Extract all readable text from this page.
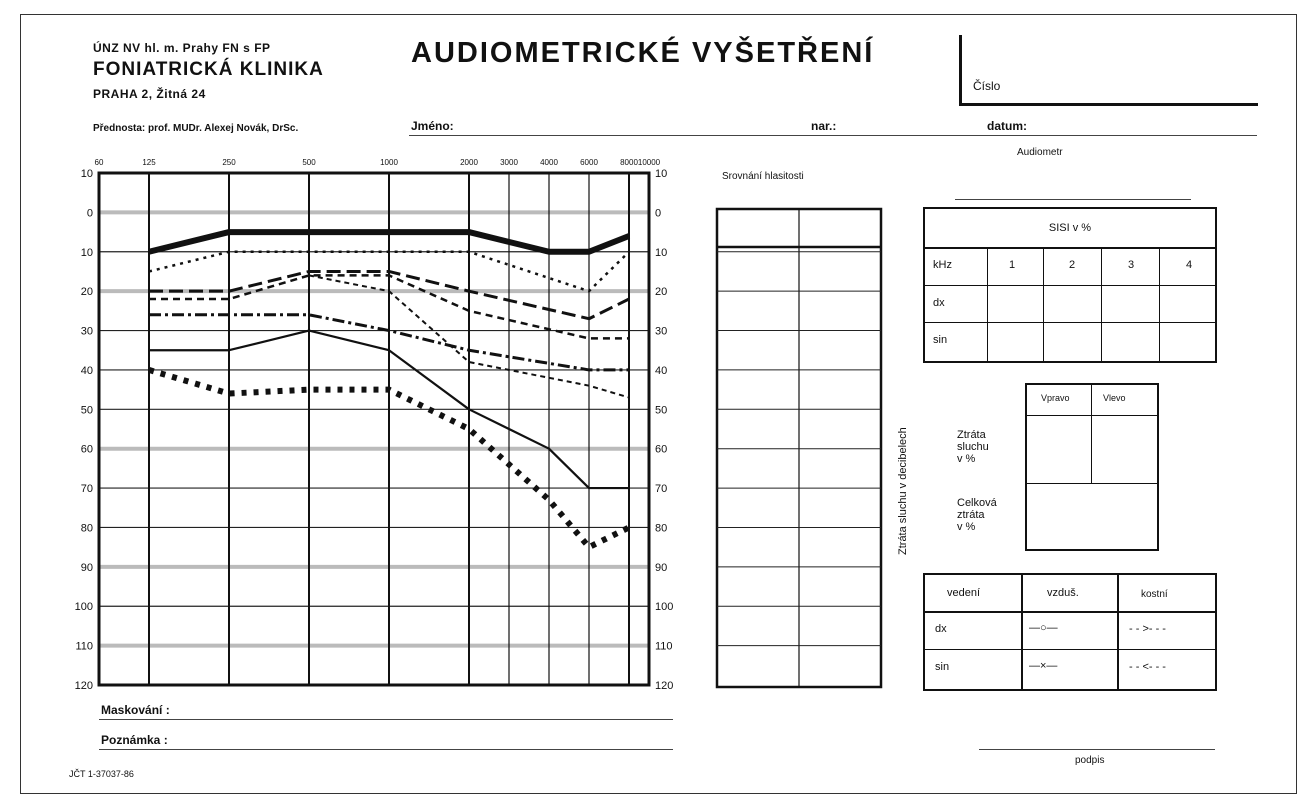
ÚNZ NV hl. m. Prahy FN s FP
FONIATRICKÁ KLINIKA
PRAHA 2, Žitná 24
Přednosta: prof. MUDr. Alexej Novák, DrSc.
AUDIOMETRICKÉ VYŠETŘENÍ
Číslo
Jméno:	nar.:	datum:
Audiometr
10	10
0	0
10	10
20	20
30	30
40	40
50	50
60	60
70	70
80	80
90	90
100	100
110	110
120	120
60	125	250	500	1000	2000	3000	4000	6000	8000 10000
Srovnání hlasitosti
Ztráta sluchu v decibelech
SISI v %
kHz	1	2	3	4
dx
sin
Vpravo	Vlevo
Ztráta
sluchu
v %
Celková
ztráta
v %
vedení	vzduš.	kostní
dx	—○—	- - >- - -
sin	—×—	- - <- - -
Maskování :
Poznámka :
podpis
JČT 1-37037-86
